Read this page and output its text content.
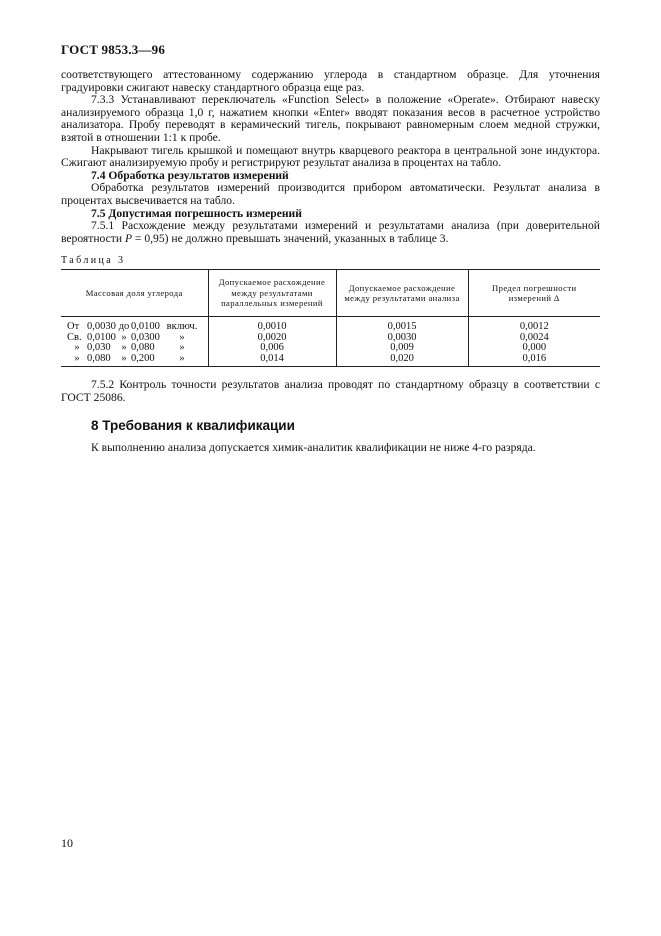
ГОСТ 9853.3—96

соответствующего аттестованному содержанию углерода в стандартном образце. Для уточнения градуировки сжигают навеску стандартного образца еще раз.

7.3.3 Устанавливают переключатель «Function Select» в положение «Operate». Отбирают навеску анализируемого образца 1,0 г, нажатием кнопки «Enter» вводят показания весов в расчетное устройство анализатора. Пробу переводят в керамический тигель, покрывают равномерным слоем медной стружки, взятой в отношении 1:1 к пробе.

Накрывают тигель крышкой и помещают внутрь кварцевого реактора в центральной зоне индуктора. Сжигают анализируемую пробу и регистрируют результат анализа в процентах на табло.

7.4 Обработка результатов измерений

Обработка результатов измерений производится прибором автоматически. Результат анализа в процентах высвечивается на табло.

7.5 Допустимая погрешность измерений

7.5.1 Расхождение между результатами измерений и результатами анализа (при доверительной вероятности P = 0,95) не должно превышать значений, указанных в таблице 3.

Таблица 3
Массовая доля углерода	Допускаемое расхождение между результатами параллельных измерений	Допускаемое расхождение между результатами анализа	Предел погрешности измерений Δ
От 0,0030 до 0,0100 включ.	0,0010	0,0015	0,0012
Св. 0,0100 » 0,0300 »	0,0020	0,0030	0,0024
» 0,030 » 0,080 »	0,006	0,009	0,000
» 0,080 » 0,200 »	0,014	0,020	0,016

7.5.2 Контроль точности результатов анализа проводят по стандартному образцу в соответствии с ГОСТ 25086.

8 Требования к квалификации

К выполнению анализа допускается химик-аналитик квалификации не ниже 4-го разряда.

10
